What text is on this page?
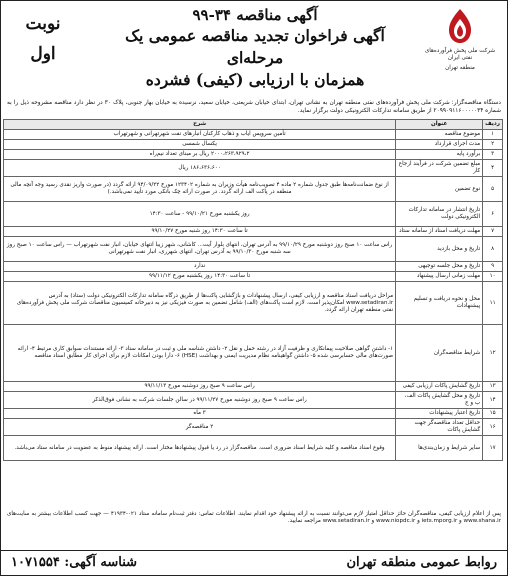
شرکت ملی پخش فرآورده‌های نفتی ایران
منطقه تهران
آگهی مناقصه ۳۴-۹۹
آگهی فراخوان تجدید مناقصه عمومی یک مرحله‌ای
همزمان با ارزیابی (کیفی) فشرده
نوبت
اول
دستگاه مناقصه‌گزار: شرکت ملی پخش فرآورده‌های نفتی منطقه تهران به نشانی تهران، ابتدای خیابان شریعتی، خیابان سعید، نرسیده به خیابان بهار جنوبی، پلاک ۳۰ در نظر دارد مناقصه مشروحه ذیل را به شماره ۲۰۹۹۰۹۱۱۶۰۰۰۰۰۳۴ از طریق سامانه تدارکات الکترونیکی دولت برگزار نماید.
ردیف	عنوان	شرح
۱	موضوع مناقصه	تأمین سرویس ایاب و ذهاب کارکنان انبارهای نفت شهرتهرانی و شهرتهراب
۲	مدت اجرای قرارداد	یکسال شمسی
۳	برآورد پایه	۲۰۰۰،۲۶۳،۹۲۹،۲ ریال بر مبنای تعداد نیم‌راه
۴	مبلغ تضمین شرکت در فرآیند ارجاع کار	۱۸۶،۶۳۶،۶۰۰ ریال
۵	نوع تضمین	از نوع ضمانت‌نامه‌ها طبق جدول شماره ۲ ماده ۴ تصویب‌نامه هیأت وزیران به شماره ۱۲۳۴۰۲ مورخ ۹۴/۰۹/۲۲ ارائه گردد (در صورت واریز نقدی رسید وجه آنچه مالی منطقه در پاکت الف ارائه گردد. در صورت ارائه چک بانکی مورد تأیید نمی‌باشد.)
۶	تاریخ انتشار در سامانه تدارکات الکترونیکی دولت	روز یکشنبه مورخ ۹۹/۱۰/۲۱ - ساعت ۱۴:۳۰
۷	مهلت دریافت اسناد از سامانه ستاد	تا ساعت ۱۴:۳۰ روز شنبه مورخ ۹۹/۱۰/۲۷
۸	تاریخ و محل بازدید	راس ساعت ۱۰ صبح روز دوشنبه مورخ ۹۹/۱۰/۲۹ به آدرس تهران، انتهای بلوار آیت... کاشانی، شهر زیبا انتهای خیابان، انبار نفت شهرتهراب — راس ساعت ۱۰ صبح روز سه شنبه مورخ ۹۹/۱۰/۳۰ به آدرس تهران، انتهای شهرری، انبار نفت شهرتهرانی
۹	تاریخ و محل جلسه توجیهی	ندارد
۱۰	مهلت زمانی ارسال پیشنهاد	تا ساعت ۱۴:۳۰ روز یکشنبه مورخ ۹۹/۱۱/۱۲
۱۱	محل و نحوه دریافت و تسلیم پیشنهادات	مراحل دریافت اسناد مناقصه و ارزیابی کیفی، ارسال پیشنهادات و بازگشایی پاکت‌ها از طریق درگاه سامانه تدارکات الکترونیکی دولت (ستاد) به آدرس www.setadiran.ir امکان‌پذیر است. لازم است پاکت‌های (الف) شامل تضمین به صورت فیزیکی نیز به دبیرخانه کمیسیون مناقصات شرکت ملی پخش فرآورده‌های نفتی منطقه تهران ارائه گردد.
۱۲	شرایط مناقصه‌گران	۱- داشتن گواهی صلاحیت پیمانکاری و ظرفیت آزاد در رشته حمل و نقل ۲- داشتن شناسه ملی و ثبت در سامانه ستاد ۳- ارائه مستندات سوابق کاری مرتبط ۴- ارائه صورت‌های مالی حسابرسی شده ۵- داشتن گواهینامه نظام مدیریت ایمنی و بهداشت (HSE) ۶- دارا بودن امکانات لازم برای اجرای کار مطابق اسناد مناقصه
۱۳	تاریخ گشایش پاکات ارزیابی کیفی	راس ساعت ۹ صبح روز دوشنبه مورخ ۹۹/۱۱/۱۳
۱۴	تاریخ و محل گشایش پاکات الف، ب و ج	راس ساعت ۹ صبح روز دوشنبه مورخ ۹۹/۱۱/۲۷ در سالن جلسات شرکت به نشانی فوق‌الذکر
۱۵	تاریخ اعتبار پیشنهادات	۳ ماه
۱۶	حداقل تعداد مناقصه‌گر جهت گشایش پاکات	۲ مناقصه‌گر
۱۷	سایر شرایط و زمان‌بندی‌ها	وقوع اسناد مناقصه و کلیه شرایط اسناد ضروری است. مناقصه‌گزار در رد یا قبول پیشنهادها مختار است. ارائه پیشنهاد منوط به عضویت در سامانه ستاد می‌باشد.
پس از اعلام ارزیابی کیفی، مناقصه‌گران حائز حداقل امتیاز لازم می‌توانند نسبت به ارائه پیشنهاد خود اقدام نمایند. اطلاعات تماس: دفتر ثبت‌نام سامانه ستاد ۰۲۱-۴۱۹۳۴ — جهت کسب اطلاعات بیشتر به سایت‌های www.shana.ir و iets.mporg.ir و www.niopdc.ir و www.setadiran.ir مراجعه نمایید.
روابط عمومی منطقه تهران
شناسه آگهی: ۱۰۷۱۵۵۴
